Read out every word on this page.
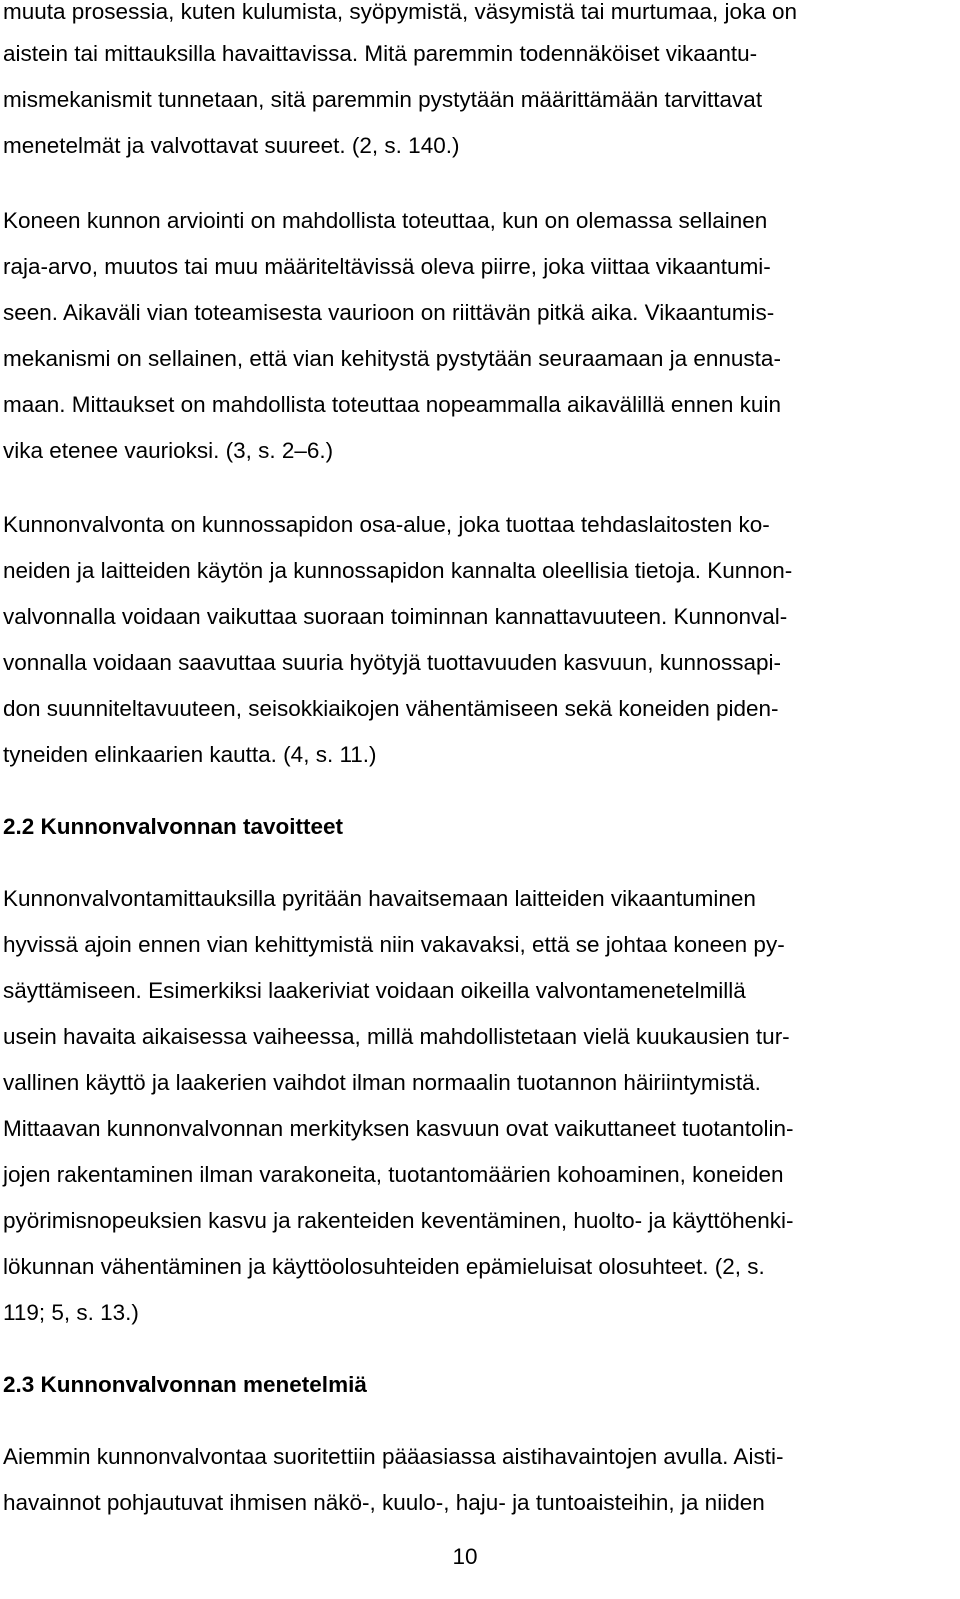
muuta prosessia, kuten kulumista, syöpymistä, väsymistä tai murtumaa, joka on

aistein tai mittauksilla havaittavissa. Mitä paremmin todennäköiset vikaantu-

mismekanismit tunnetaan, sitä paremmin pystytään määrittämään tarvittavat

menetelmät ja valvottavat suureet. (2, s. 140.)

Koneen kunnon arviointi on mahdollista toteuttaa, kun on olemassa sellainen

raja-arvo, muutos tai muu määriteltävissä oleva piirre, joka viittaa vikaantumi-

seen. Aikaväli vian toteamisesta vaurioon on riittävän pitkä aika. Vikaantumis-

mekanismi on sellainen, että vian kehitystä pystytään seuraamaan ja ennusta-

maan. Mittaukset on mahdollista toteuttaa nopeammalla aikavälillä ennen kuin

vika etenee vaurioksi. (3, s. 2–6.)

Kunnonvalvonta on kunnossapidon osa-alue, joka tuottaa tehdaslaitosten ko-

neiden ja laitteiden käytön ja kunnossapidon kannalta oleellisia tietoja. Kunnon-

valvonnalla voidaan vaikuttaa suoraan toiminnan kannattavuuteen. Kunnonval-

vonnalla voidaan saavuttaa suuria hyötyjä tuottavuuden kasvuun, kunnossapi-

don suunniteltavuuteen, seisokkiaikojen vähentämiseen sekä koneiden piden-

tyneiden elinkaarien kautta. (4, s. 11.)

2.2 Kunnonvalvonnan tavoitteet

Kunnonvalvontamittauksilla pyritään havaitsemaan laitteiden vikaantuminen

hyvissä ajoin ennen vian kehittymistä niin vakavaksi, että se johtaa koneen py-

säyttämiseen. Esimerkiksi laakeriviat voidaan oikeilla valvontamenetelmillä

usein havaita aikaisessa vaiheessa, millä mahdollistetaan vielä kuukausien tur-

vallinen käyttö ja laakerien vaihdot ilman normaalin tuotannon häiriintymistä.

Mittaavan kunnonvalvonnan merkityksen kasvuun ovat vaikuttaneet tuotantolin-

jojen rakentaminen ilman varakoneita, tuotantomäärien kohoaminen, koneiden

pyörimisnopeuksien kasvu ja rakenteiden keventäminen, huolto- ja käyttöhenki-

lökunnan vähentäminen ja käyttöolosuhteiden epämieluisat olosuhteet. (2, s.

119; 5, s. 13.)

2.3 Kunnonvalvonnan menetelmiä

Aiemmin kunnonvalvontaa suoritettiin pääasiassa aistihavaintojen avulla. Aisti-

havainnot pohjautuvat ihmisen näkö-, kuulo-, haju- ja tuntoaisteihin, ja niiden

10
